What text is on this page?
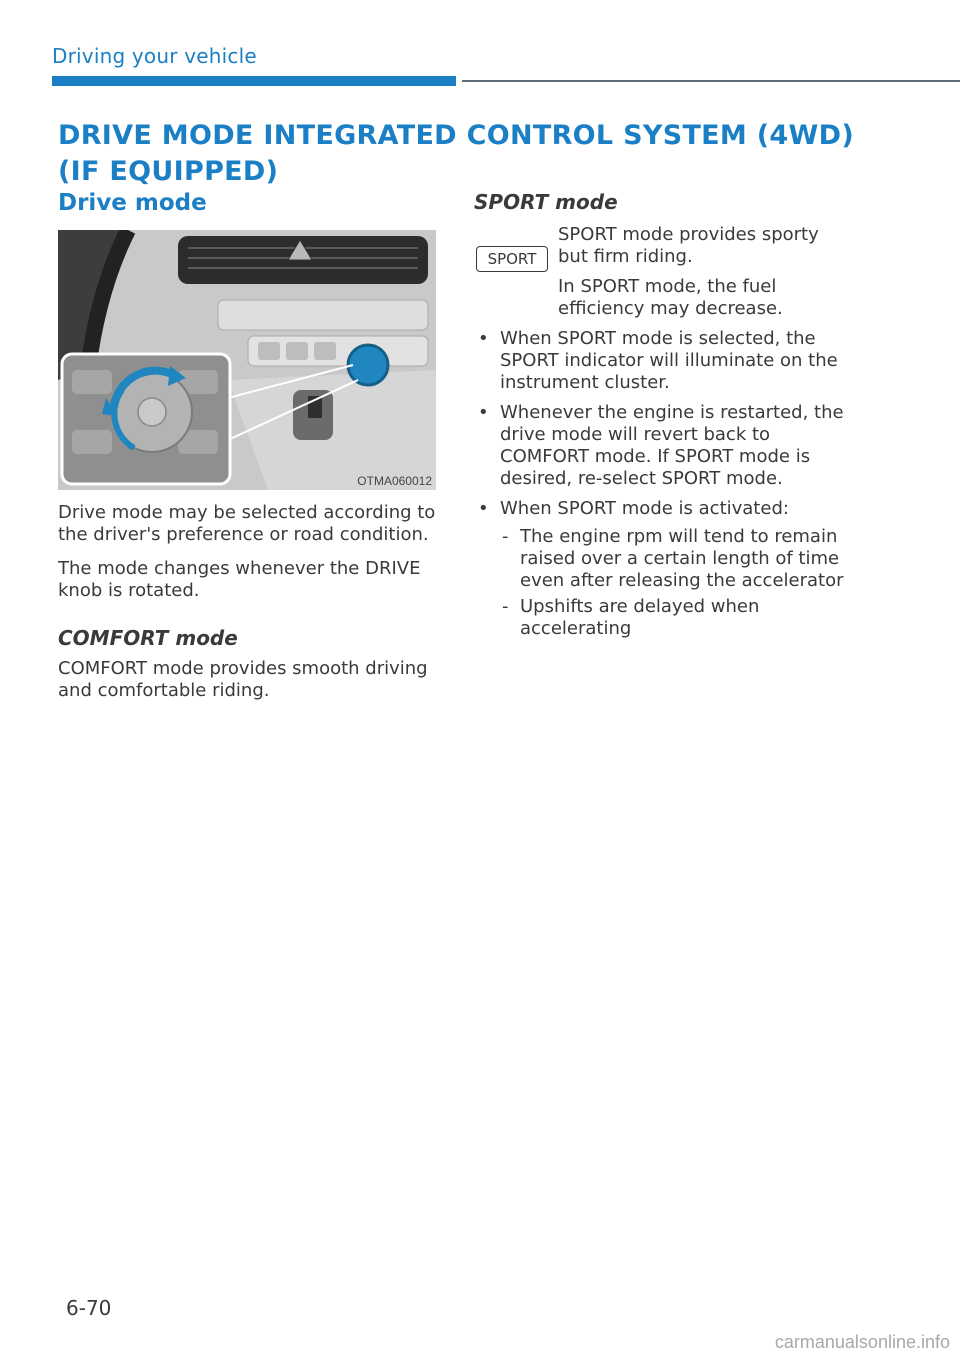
Driving your vehicle
DRIVE MODE INTEGRATED CONTROL SYSTEM (4WD)
(IF EQUIPPED)
Drive mode
OTMA060012

Drive mode may be selected according to the driver's preference or road condition.

The mode changes whenever the DRIVE knob is rotated.

COMFORT mode

COMFORT mode provides smooth driving and comfortable riding.

SPORT mode
SPORT

SPORT mode provides sporty but firm riding.

In SPORT mode, the fuel efficiency may decrease.

• When SPORT mode is selected, the SPORT indicator will illuminate on the instrument cluster.
• Whenever the engine is restarted, the drive mode will revert back to COMFORT mode. If SPORT mode is desired, re-select SPORT mode.
• When SPORT mode is activated:
- The engine rpm will tend to remain raised over a certain length of time even after releasing the accelerator
- Upshifts are delayed when accelerating
6-70
carmanualsonline.info
